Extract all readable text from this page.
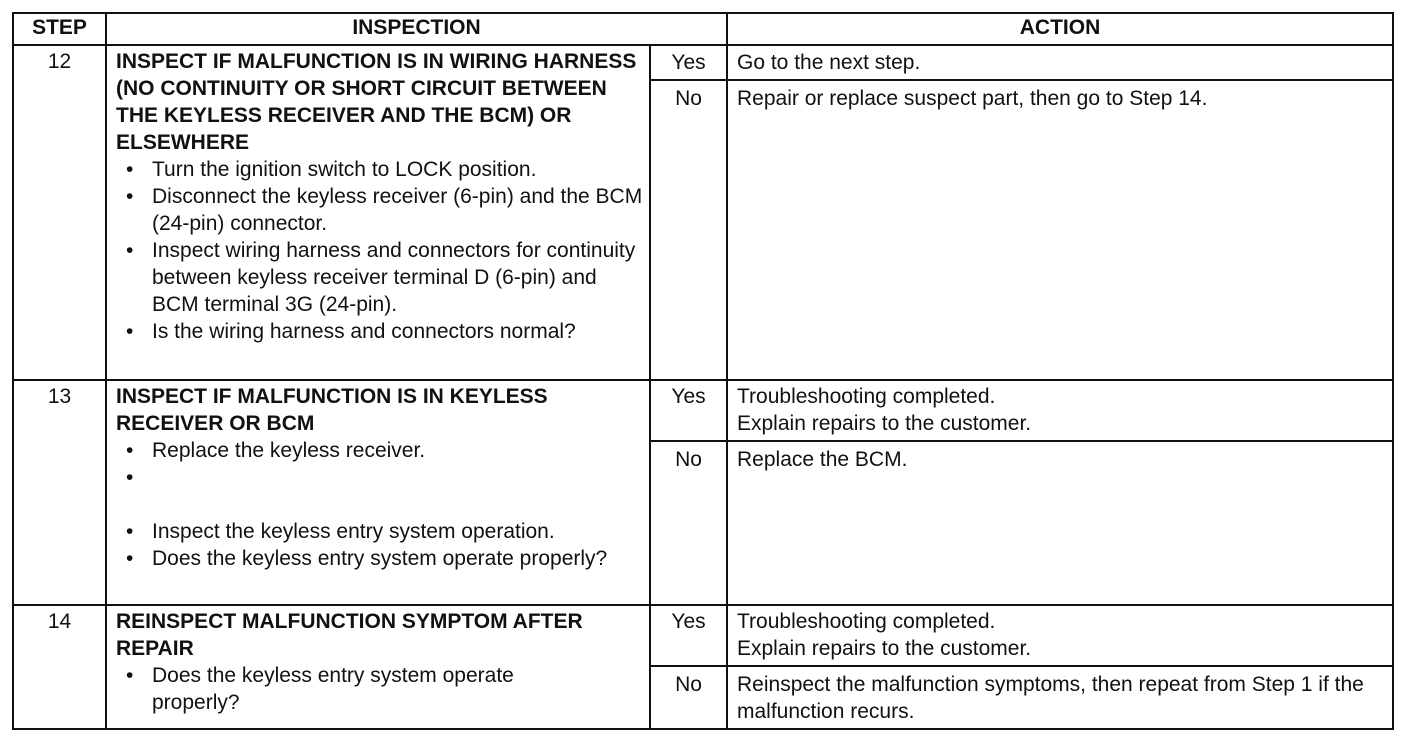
STEP	INSPECTION	ACTION
12	INSPECT IF MALFUNCTION IS IN WIRING HARNESS (NO CONTINUITY OR SHORT CIRCUIT BETWEEN THE KEYLESS RECEIVER AND THE BCM) OR ELSEWHERE

• Turn the ignition switch to LOCK position.
• Disconnect the keyless receiver (6-pin) and the BCM (24-pin) connector.
• Inspect wiring harness and connectors for continuity between keyless receiver terminal D (6-pin) and BCM terminal 3G (24-pin).
• Is the wiring harness and connectors normal?
Yes	Go to the next step.
No	Repair or replace suspect part, then go to Step 14.
13	INSPECT IF MALFUNCTION IS IN KEYLESS RECEIVER OR BCM

• Replace the keyless receiver.
•
• Inspect the keyless entry system operation.
• Does the keyless entry system operate properly?
Yes	Troubleshooting completed.

Explain repairs to the customer.

No	Replace the BCM.
14	REINSPECT MALFUNCTION SYMPTOM AFTER REPAIR

• Does the keyless entry system operate properly?
Yes	Troubleshooting completed.

Explain repairs to the customer.

No	Reinspect the malfunction symptoms, then repeat from Step 1 if the malfunction recurs.
